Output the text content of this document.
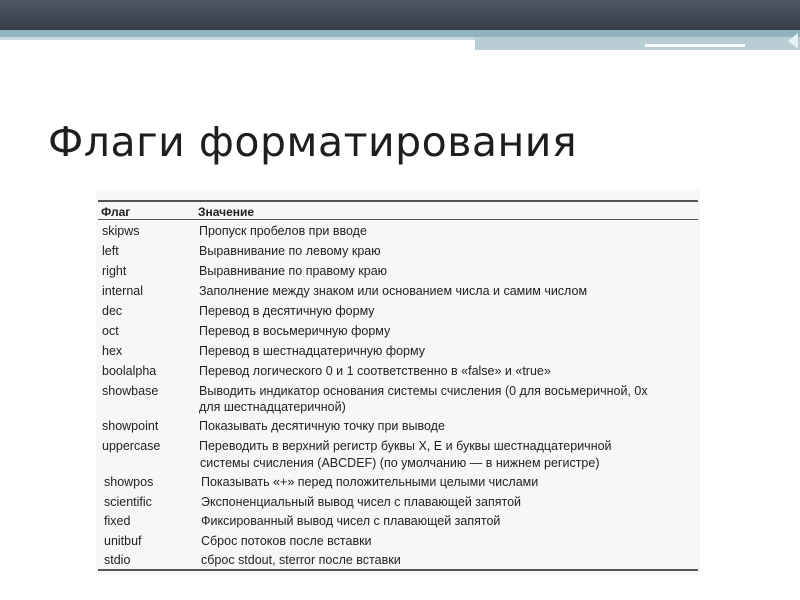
Флаги форматирования
Флаг	Значение
skipws	Пропуск пробелов при вводе
left	Выравнивание по левому краю
right	Выравнивание по правому краю
internal	Заполнение между знаком или основанием числа и самим числом
dec	Перевод в десятичную форму
oct	Перевод в восьмеричную форму
hex	Перевод в шестнадцатеричную форму
boolalpha	Перевод логического 0 и 1 соответственно в «false» и «true»
showbase	Выводить индикатор основания системы счисления (0 для восьмеричной, 0x
для шестнадцатеричной)
showpoint	Показывать десятичную точку при выводе
uppercase	Переводить в верхний регистр буквы X, E и буквы шестнадцатеричной
системы счисления (ABCDEF) (по умолчанию — в нижнем регистре)
showpos	Показывать «+» перед положительными целыми числами
scientific	Экспоненциальный вывод чисел с плавающей запятой
fixed	Фиксированный вывод чисел с плавающей запятой
unitbuf	Сброс потоков после вставки
stdio	сброс stdout, sterror после вставки
